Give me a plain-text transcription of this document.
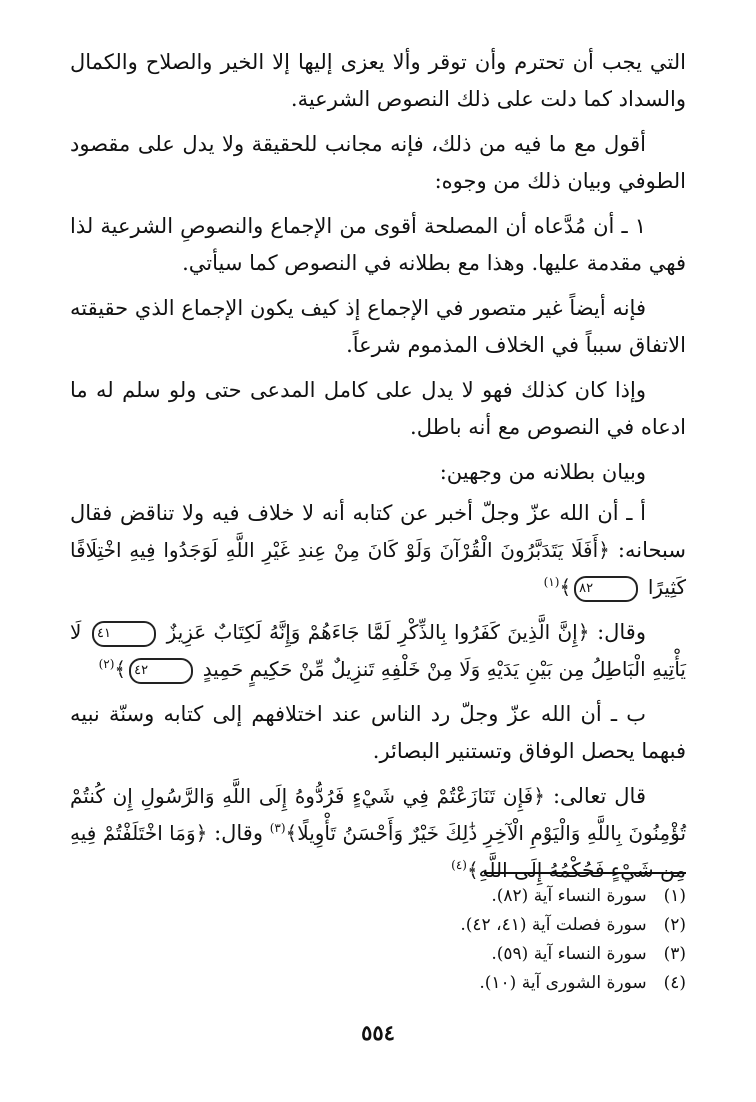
التي يجب أن تحترم وأن توقر وألا يعزى إليها إلا الخير والصلاح والكمال والسداد كما دلت على ذلك النصوص الشرعية.

أقول مع ما فيه من ذلك، فإنه مجانب للحقيقة ولا يدل على مقصود الطوفي وبيان ذلك من وجوه:

١ ـ أن مُدَّعاه أن المصلحة أقوى من الإجماع والنصوصِ الشرعية لذا فهي مقدمة عليها. وهذا مع بطلانه في النصوص كما سيأتي.

فإنه أيضاً غير متصور في الإجماع إذ كيف يكون الإجماع الذي حقيقته الاتفاق سبباً في الخلاف المذموم شرعاً.

وإذا كان كذلك فهو لا يدل على كامل المدعى حتى ولو سلم له ما ادعاه في النصوص مع أنه باطل.

وبيان بطلانه من وجهين:

أ ـ أن الله عزّ وجلّ أخبر عن كتابه أنه لا خلاف فيه ولا تناقض فقال سبحانه: ﴿أَفَلَا يَتَدَبَّرُونَ الْقُرْآنَ وَلَوْ كَانَ مِنْ عِندِ غَيْرِ اللَّهِ لَوَجَدُوا فِيهِ اخْتِلَافًا كَثِيرًا ٨٢﴾$^{(١)}$

وقال: ﴿إِنَّ الَّذِينَ كَفَرُوا بِالذِّكْرِ لَمَّا جَاءَهُمْ وَإِنَّهُ لَكِتَابٌ عَزِيزٌ ٤١ لَا يَأْتِيهِ الْبَاطِلُ مِن بَيْنِ يَدَيْهِ وَلَا مِنْ خَلْفِهِ تَنزِيلٌ مِّنْ حَكِيمٍ حَمِيدٍ ٤٢﴾$^{(٢)}$

ب ـ أن الله عزّ وجلّ رد الناس عند اختلافهم إلى كتابه وسنّة نبيه فبهما يحصل الوفاق وتستنير البصائر.

قال تعالى: ﴿فَإِن تَنَازَعْتُمْ فِي شَيْءٍ فَرُدُّوهُ إِلَى اللَّهِ وَالرَّسُولِ إِن كُنتُمْ تُؤْمِنُونَ بِاللَّهِ وَالْيَوْمِ الْآخِرِ ذَٰلِكَ خَيْرٌ وَأَحْسَنُ تَأْوِيلًا﴾$^{(٣)}$ وقال: ﴿وَمَا اخْتَلَفْتُمْ فِيهِ مِن شَيْءٍ فَحُكْمُهُ إِلَى اللَّهِ﴾$^{(٤)}$

(١) سورة النساء آية (٨٢).
(٢) سورة فصلت آية (٤١، ٤٢).
(٣) سورة النساء آية (٥٩).
(٤) سورة الشورى آية (١٠).
٥٥٤
